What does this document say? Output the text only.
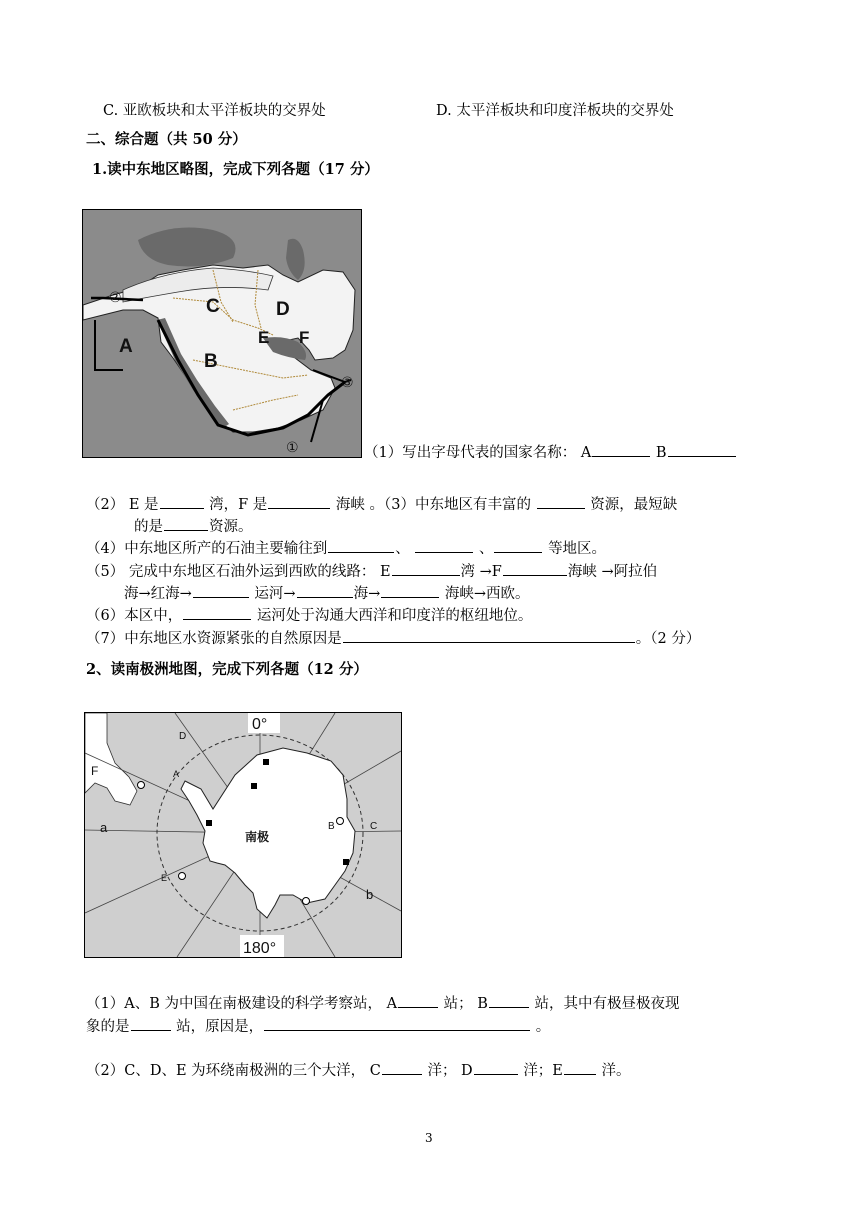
C. 亚欧板块和太平洋板块的交界处	D. 太平洋板块和印度洋板块的交界处
二、综合题（共 50 分）
1.读中东地区略图，完成下列各题（17 分）
C	D
A
B
E F
②
③
①	（1）写出字母代表的国家名称： A	B
（2） E 是	湾，F 是	海峡 。（3）中东地区有丰富的	资源，最短缺
的是	资源。
（4）中东地区所产的石油主要输往到	、	、	等地区。
（5） 完成中东地区石油外运到西欧的线路： E	湾 →F	海峡 →阿拉伯
海→红海→	运河→	海→	海峡→西欧。
（6）本区中，	运河处于沟通大西洋和印度洋的枢纽地位。
（7）中东地区水资源紧张的自然原因是	。（2 分）
2、读南极洲地图，完成下列各题（12 分）
0°
180°
南极
D
F	A
B	C
E
a
b
（1）A、B 为中国在南极建设的科学考察站， A	站； B	站，其中有极昼极夜现
象的是	站，原因是，	。
（2）C、D、E 为环绕南极洲的三个大洋， C	洋； D	洋；E	洋。
3
